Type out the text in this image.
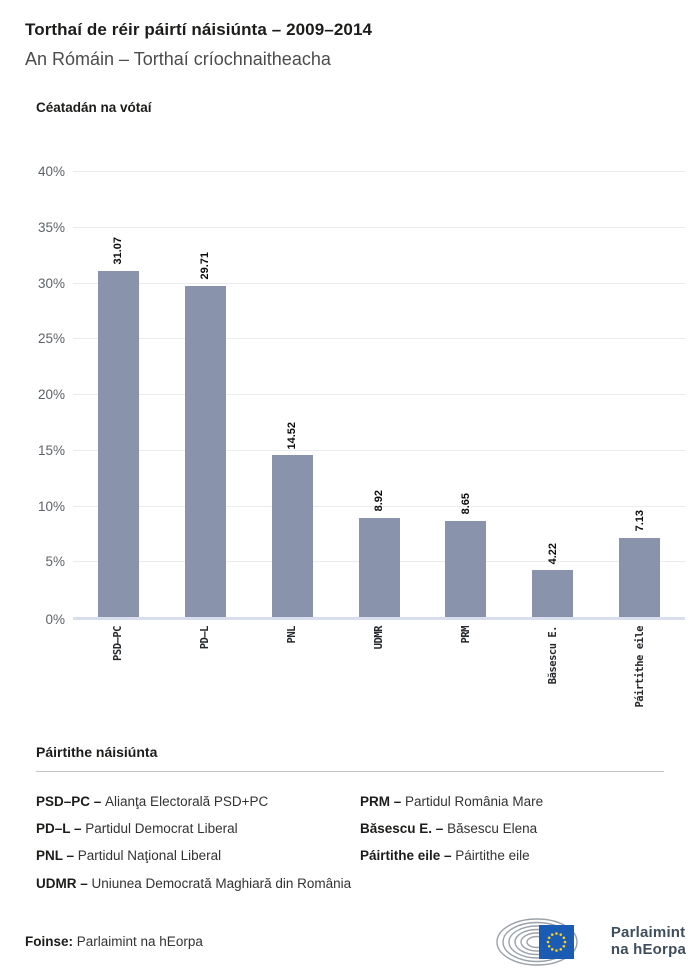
Torthaí de réir páirtí náisiúnta – 2009–2014
An Rómáin – Torthaí críochnaitheacha
Céatadán na vótaí
0%
5%
10%
15%
20%
25%
30%
35%
40%
31.07
29.71
14.52
8.92	8.65
4.22
7.13
PSD–PC	PD–L	PNL	UDMR	PRM	Băsescu E.	Páirtithe eile
Páirtithe náisiúnta

PSD–PC – Alianţa Electorală PSD+PC

PD–L – Partidul Democrat Liberal

PNL – Partidul Naţional Liberal

UDMR – Uniunea Democrată Maghiară din România

PRM – Partidul România Mare

Băsescu E. – Băsescu Elena

Páirtithe eile – Páirtithe eile

Foinse: Parlaimint na hEorpa
Parlaimint
na hEorpa
